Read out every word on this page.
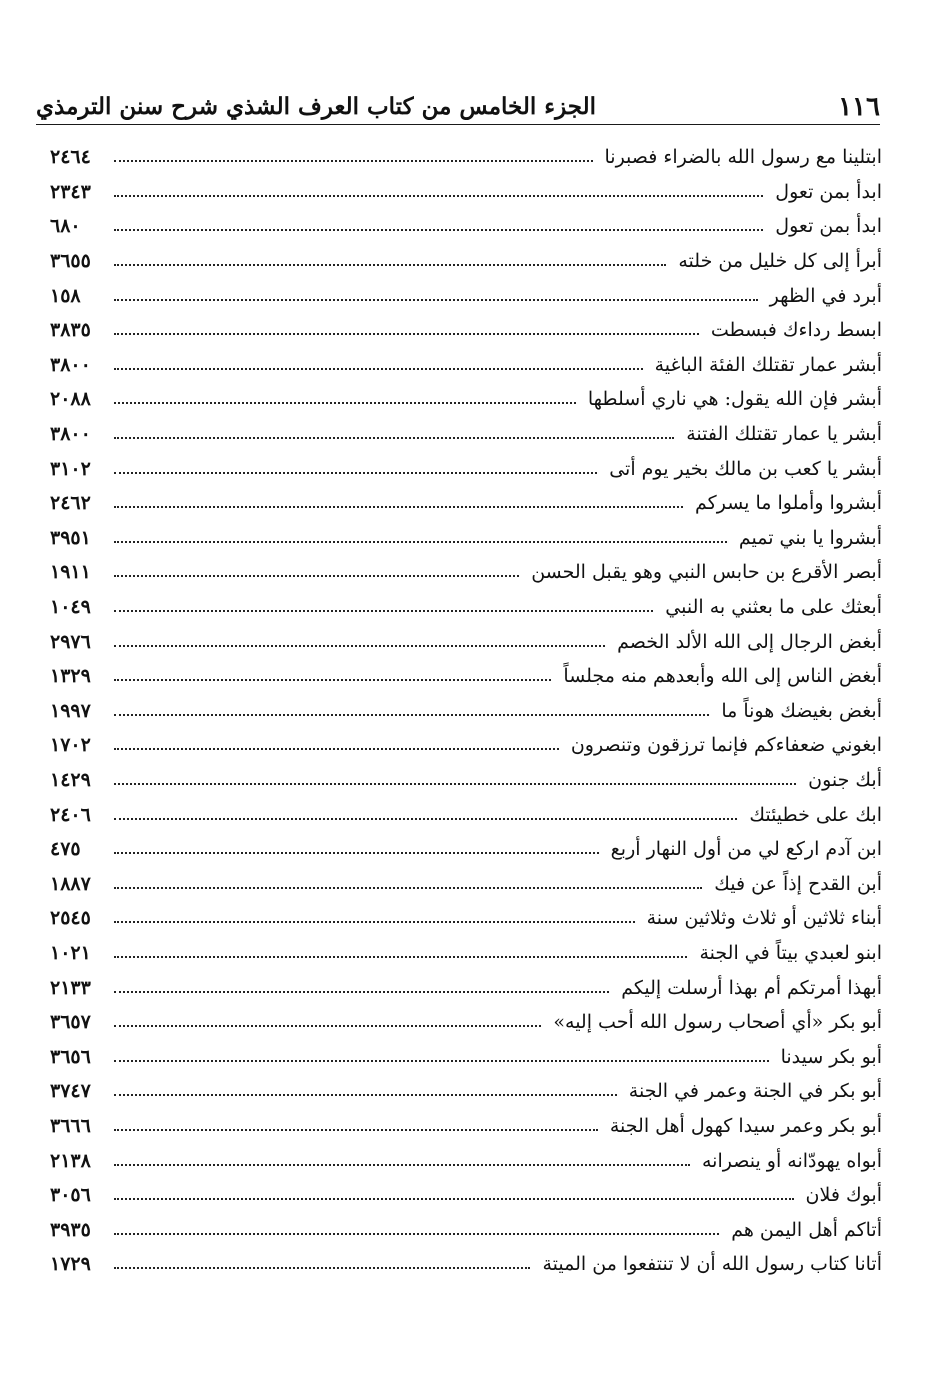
١١٦
الجزء الخامس من كتاب العرف الشذي شرح سنن الترمذي
ابتلينا مع رسول الله بالضراء فصبرنا
٢٤٦٤
ابدأ بمن تعول
٢٣٤٣
ابدأ بمن تعول
٦٨٠
أبرأ إلى كل خليل من خلته
٣٦٥٥
أبرد في الظهر
١٥٨
ابسط رداءك فبسطت
٣٨٣٥
أبشر عمار تقتلك الفئة الباغية
٣٨٠٠
أبشر فإن الله يقول: هي ناري أسلطها
٢٠٨٨
أبشر يا عمار تقتلك الفتنة
٣٨٠٠
أبشر يا كعب بن مالك بخير يوم أتى
٣١٠٢
أبشروا وأملوا ما يسركم
٢٤٦٢
أبشروا يا بني تميم
٣٩٥١
أبصر الأقرع بن حابس النبي وهو يقبل الحسن
١٩١١
أبعثك على ما بعثني به النبي
١٠٤٩
أبغض الرجال إلى الله الألد الخصم
٢٩٧٦
أبغض الناس إلى الله وأبعدهم منه مجلساً
١٣٢٩
أبغض بغيضك هوناً ما
١٩٩٧
ابغوني ضعفاءكم فإنما ترزقون وتنصرون
١٧٠٢
أبك جنون
١٤٢٩
ابك على خطيئتك
٢٤٠٦
ابن آدم اركع لي من أول النهار أربع
٤٧٥
أبن القدح إذاً عن فيك
١٨٨٧
أبناء ثلاثين أو ثلاث وثلاثين سنة
٢٥٤٥
ابنو لعبدي بيتاً في الجنة
١٠٢١
أبهذا أمرتكم أم بهذا أرسلت إليكم
٢١٣٣
أبو بكر «أي أصحاب رسول الله أحب إليه»
٣٦٥٧
أبو بكر سيدنا
٣٦٥٦
أبو بكر في الجنة وعمر في الجنة
٣٧٤٧
أبو بكر وعمر سيدا كهول أهل الجنة
٣٦٦٦
أبواه يهودّانه أو ينصرانه
٢١٣٨
أبوك فلان
٣٠٥٦
أتاكم أهل اليمن هم
٣٩٣٥
أتانا كتاب رسول الله أن لا تنتفعوا من الميتة
١٧٢٩
